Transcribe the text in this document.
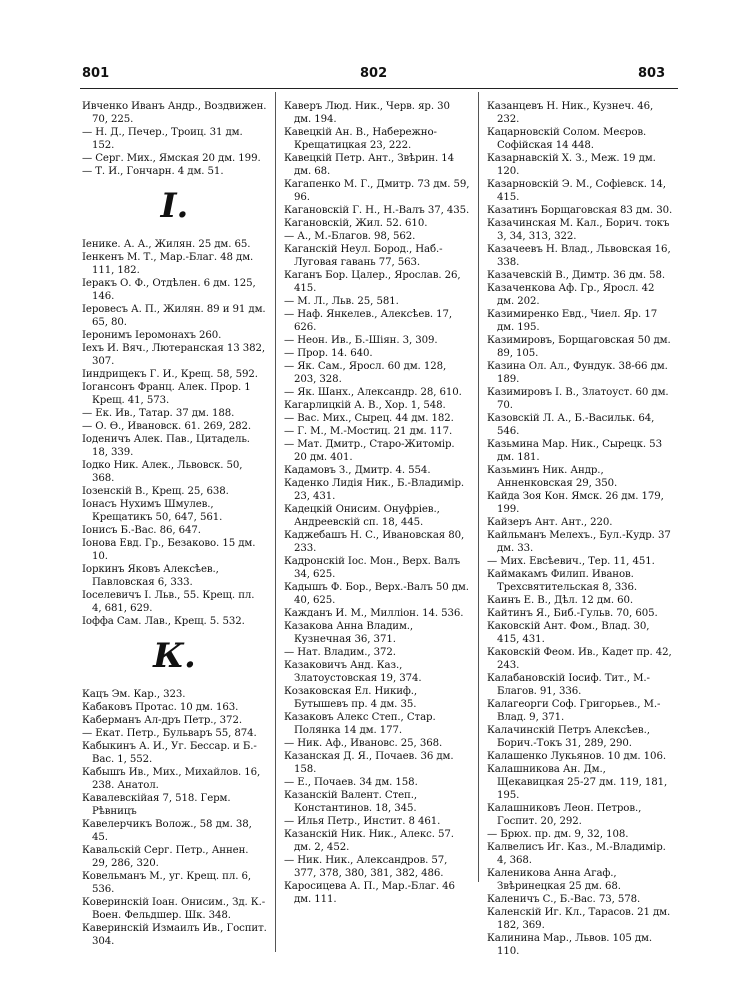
801	802	803

Ивченко Иванъ Андр., Воздвижен. 70, 225.

— Н. Д., Печер., Троиц. 31 дм. 152.

— Серг. Мих., Ямская 20 дм. 199.

— Т. И., Гончарн. 4 дм. 51.

І.

Іенике. А. А., Жилян. 25 дм. 65.

Іенкенъ М. Т., Мар.-Благ. 48 дм. 111, 182.

Іеракъ О. Ф., Отдѣлен. 6 дм. 125, 146.

Іеровесъ А. П., Жилян. 89 и 91 дм. 65, 80.

Іеронимъ Іеромонахъ 260.

Іехъ И. Вяч., Лютеранская 13 382, 307.

Іиндрищекъ Г. И., Крещ. 58, 592.

Іогансонъ Франц. Алек. Прор. 1 Крещ. 41, 573.

— Ек. Ив., Татар. 37 дм. 188.

— О. Ө., Ивановск. 61. 269, 282.

Іоденичъ Алек. Пав., Цитадель. 18, 339.

Іодко Ник. Алек., Львовск. 50, 368.

Іозенскій В., Крещ. 25, 638.

Іонасъ Нухимъ Шмулев., Крещатикъ 50, 647, 561.

Іонисъ Б.-Вас. 86, 647.

Іонова Евд. Гр., Безаково. 15 дм. 10.

Іоркинъ Яковъ Алексѣев., Павловская 6, 333.

Іоселевичъ І. Льв., 55. Крещ. пл. 4, 681, 629.

Іоффа Сам. Лав., Крещ. 5. 532.

К.

Кацъ Эм. Кар., 323.

Кабаковъ Протас. 10 дм. 163.

Каберманъ Ал-дръ Петр., 372.

— Екат. Петр., Бульваръ 55, 874.

Кабыкинъ А. И., Уг. Бессар. и Б.-Вас. 1, 552.

Кабышъ Ив., Мих., Михайлов. 16, 238. Анатол.

Кавалевскійая 7, 518. Герм. Рѣвницъ

Кавелерчикъ Волож., 58 дм. 38, 45.

Кавальскій Серг. Петр., Аннен. 29, 286, 320.

Ковельманъ М., уг. Крещ. пл. 6, 536.

Коверинскій Іоан. Онисим., Зд. К.-Воен. Фельдшер. Шк. 348.

Каверинскій Измаилъ Ив., Госпит. 304.

Каверъ Люд. Ник., Черв. яр. 30 дм. 194.

Кавецкій Ан. В., Набережно-Крещатицкая 23, 222.

Кавецкій Петр. Ант., Звѣрин. 14 дм. 68.

Кагапенко М. Г., Дмитр. 73 дм. 59, 96.

Кагановскій Г. Н., Н.-Валъ 37, 435.

Кагановскій, Жил. 52. 610.

— А., М.-Благов. 98, 562.

Каганскій Неул. Бород., Наб.-Луговая гавань 77, 563.

Каганъ Бор. Цалер., Ярослав. 26, 415.

— М. Л., Льв. 25, 581.

— Наф. Янкелев., Алексѣев. 17, 626.

— Неон. Ив., Б.-Шіян. 3, 309.

— Прор. 14. 640.

— Як. Сам., Яросл. 60 дм. 128, 203, 328.

— Як. Шанх., Александр. 28, 610.

Кагарлицкій А. В., Хор. 1, 548.

— Вас. Мих., Сырец. 44 дм. 182.

— Г. М., М.-Мостиц. 21 дм. 117.

— Мат. Дмитр., Старо-Житомір. 20 дм. 401.

Кадамовъ З., Дмитр. 4. 554.

Каденко Лидія Ник., Б.-Владимір. 23, 431.

Кадецкій Онисим. Онуфріев., Андреевскій сп. 18, 445.

Каджебашъ Н. С., Ивановская 80, 233.

Кадронскій Іос. Мон., Верх. Валъ 34, 625.

Кадышъ Ф. Бор., Верх.-Валъ 50 дм. 40, 625.

Кажданъ И. М., Милліон. 14. 536.

Казакова Анна Владим., Кузнечная 36, 371.

— Нат. Владим., 372.

Казаковичъ Анд. Каз., Златоустовская 19, 374.

Козаковская Ел. Никиф., Бутышевъ пр. 4 дм. 35.

Казаковъ Алекс Степ., Стар. Полянка 14 дм. 177.

— Ник. Аф., Ивановс. 25, 368.

Казанская Д. Я., Почаев. 36 дм. 158.

— Е., Почаев. 34 дм. 158.

Казанскій Валент. Степ., Константинов. 18, 345.

— Илья Петр., Инстит. 8 461.

Казанскій Ник. Ник., Алекс. 57. дм. 2, 452.

— Ник. Ник., Александров. 57, 377, 378, 380, 381, 382, 486.

Каросицева А. П., Мар.-Благ. 46 дм. 111.

Казанцевъ Н. Ник., Кузнеч. 46, 232.

Кацарновскій Солом. Меєров. Софійская 14 448.

Казарнавскій Х. З., Меж. 19 дм. 120.

Казарновскій Э. М., Софіевск. 14, 415.

Казатинъ Борщаговская 83 дм. 30.

Казачинская М. Кал., Борич. токъ 3, 34, 313, 322.

Казачеевъ Н. Влад., Львовская 16, 338.

Казачевскій В., Димтр. 36 дм. 58.

Казаченкова Аф. Гр., Яросл. 42 дм. 202.

Казимиренко Евд., Чиел. Яр. 17 дм. 195.

Казимировъ, Борщаговская 50 дм. 89, 105.

Казина Ол. Ал., Фундук. 38-66 дм. 189.

Казимировъ І. В., Златоуст. 60 дм. 70.

Казовскій Л. А., Б.-Васильк. 64, 546.

Казьмина Мар. Ник., Сырецк. 53 дм. 181.

Казьминъ Ник. Андр., Анненковская 29, 350.

Кайда Зоя Кон. Ямск. 26 дм. 179, 199.

Кайзеръ Ант. Ант., 220.

Кайльманъ Мелехъ., Бул.-Кудр. 37 дм. 33.

— Мих. Евсѣевич., Тер. 11, 451.

Каймакамъ Филип. Иванов. Трехсвятительская 8, 336.

Каинъ Е. В., Дѣл. 12 дм. 60.

Кайтинъ Я., Биб.-Гульв. 70, 605.

Каковскій Ант. Фом., Влад. 30, 415, 431.

Каковскій Феом. Ив., Кадет пр. 42, 243.

Калабановскій Іосиф. Тит., М.-Благов. 91, 336.

Калагеорги Соф. Григорьев., М.-Влад. 9, 371.

Калачинскій Петръ Алексѣев., Борич.-Токъ 31, 289, 290.

Калашенко Лукьянов. 10 дм. 106.

Калашникова Ан. Дм., Щекавицкая 25-27 дм. 119, 181, 195.

Калашниковъ Леон. Петров., Госпит. 20, 292.

— Брюх. пр. дм. 9, 32, 108.

Калвелисъ Иг. Каз., М.-Владимір. 4, 368.

Каленикова Анна Агаф., Звѣринецкая 25 дм. 68.

Каленичъ С., Б.-Вас. 73, 578.

Каленскій Иг. Кл., Тарасов. 21 дм. 182, 369.

Калинина Мар., Львов. 105 дм. 110.
